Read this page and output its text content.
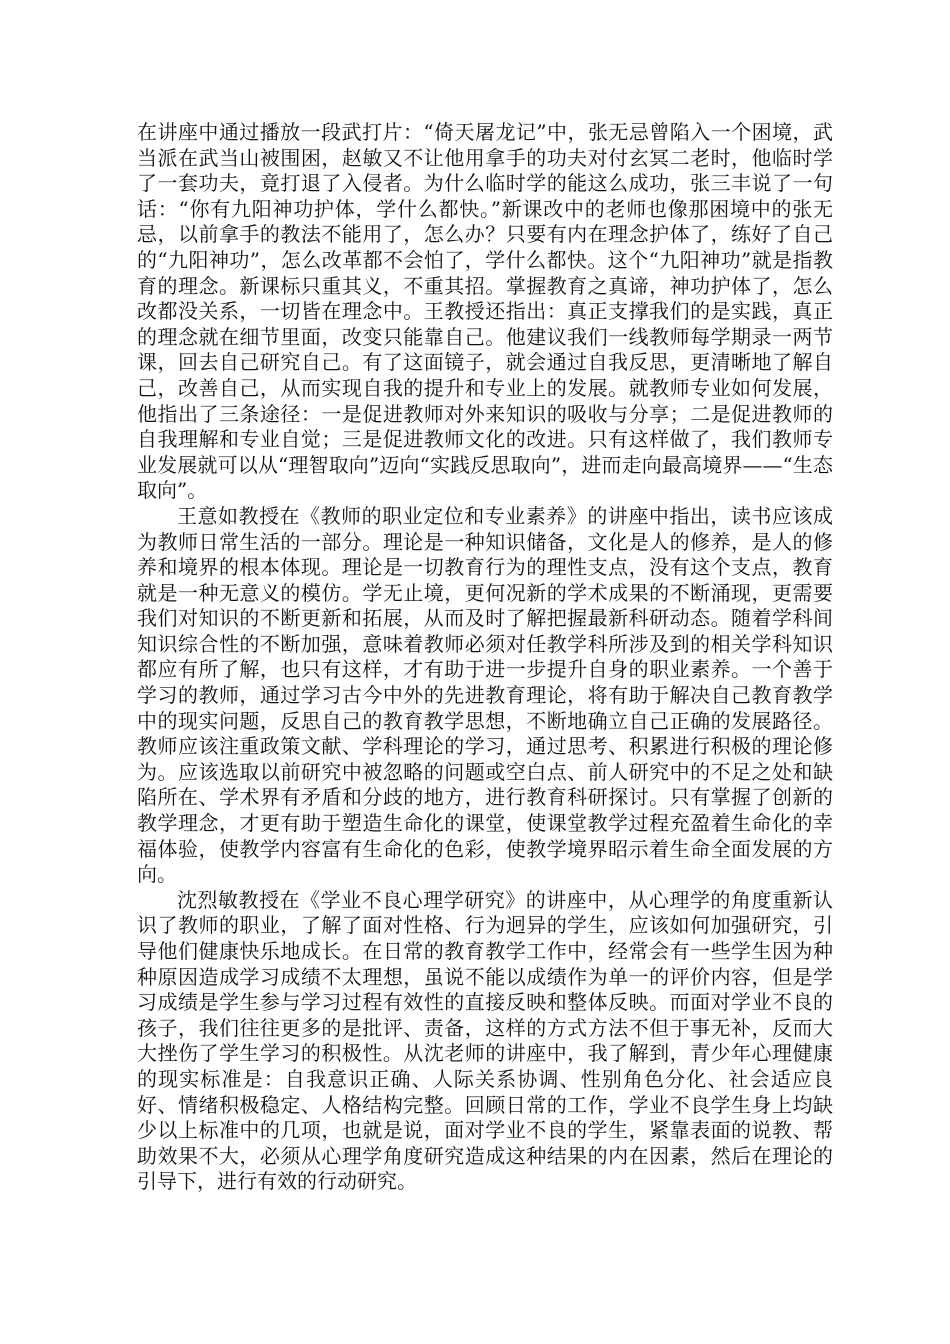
在讲座中通过播放一段武打片：“倚天屠龙记”中，张无忌曾陷入一个困境，武当派在武当山被围困，赵敏又不让他用拿手的功夫对付玄冥二老时，他临时学了一套功夫，竟打退了入侵者。为什么临时学的能这么成功，张三丰说了一句话：“你有九阳神功护体，学什么都快。”新课改中的老师也像那困境中的张无忌，以前拿手的教法不能用了，怎么办？只要有内在理念护体了，练好了自己的“九阳神功”，怎么改革都不会怕了，学什么都快。这个“九阳神功”就是指教育的理念。新课标只重其义，不重其招。掌握教育之真谛，神功护体了，怎么改都没关系，一切皆在理念中。王教授还指出：真正支撑我们的是实践，真正的理念就在细节里面，改变只能靠自己。他建议我们一线教师每学期录一两节课，回去自己研究自己。有了这面镜子，就会通过自我反思，更清晰地了解自己，改善自己，从而实现自我的提升和专业上的发展。就教师专业如何发展，他指出了三条途径：一是促进教师对外来知识的吸收与分享；二是促进教师的自我理解和专业自觉；三是促进教师文化的改进。只有这样做了，我们教师专业发展就可以从“理智取向”迈向“实践反思取向”，进而走向最高境界——“生态取向”。

王意如教授在《教师的职业定位和专业素养》的讲座中指出，读书应该成为教师日常生活的一部分。理论是一种知识储备，文化是人的修养，是人的修养和境界的根本体现。理论是一切教育行为的理性支点，没有这个支点，教育就是一种无意义的模仿。学无止境，更何况新的学术成果的不断涌现，更需要我们对知识的不断更新和拓展，从而及时了解把握最新科研动态。随着学科间知识综合性的不断加强，意味着教师必须对任教学科所涉及到的相关学科知识都应有所了解，也只有这样，才有助于进一步提升自身的职业素养。一个善于学习的教师，通过学习古今中外的先进教育理论，将有助于解决自己教育教学中的现实问题，反思自己的教育教学思想，不断地确立自己正确的发展路径。教师应该注重政策文献、学科理论的学习，通过思考、积累进行积极的理论修为。应该选取以前研究中被忽略的问题或空白点、前人研究中的不足之处和缺陷所在、学术界有矛盾和分歧的地方，进行教育科研探讨。只有掌握了创新的教学理念，才更有助于塑造生命化的课堂，使课堂教学过程充盈着生命化的幸福体验，使教学内容富有生命化的色彩，使教学境界昭示着生命全面发展的方向。

沈烈敏教授在《学业不良心理学研究》的讲座中，从心理学的角度重新认识了教师的职业，了解了面对性格、行为迥异的学生，应该如何加强研究，引导他们健康快乐地成长。在日常的教育教学工作中，经常会有一些学生因为种种原因造成学习成绩不太理想，虽说不能以成绩作为单一的评价内容，但是学习成绩是学生参与学习过程有效性的直接反映和整体反映。而面对学业不良的孩子，我们往往更多的是批评、责备，这样的方式方法不但于事无补，反而大大挫伤了学生学习的积极性。从沈老师的讲座中，我了解到，青少年心理健康的现实标准是：自我意识正确、人际关系协调、性别角色分化、社会适应良好、情绪积极稳定、人格结构完整。回顾日常的工作，学业不良学生身上均缺少以上标准中的几项，也就是说，面对学业不良的学生，紧靠表面的说教、帮助效果不大，必须从心理学角度研究造成这种结果的内在因素，然后在理论的引导下，进行有效的行动研究。
